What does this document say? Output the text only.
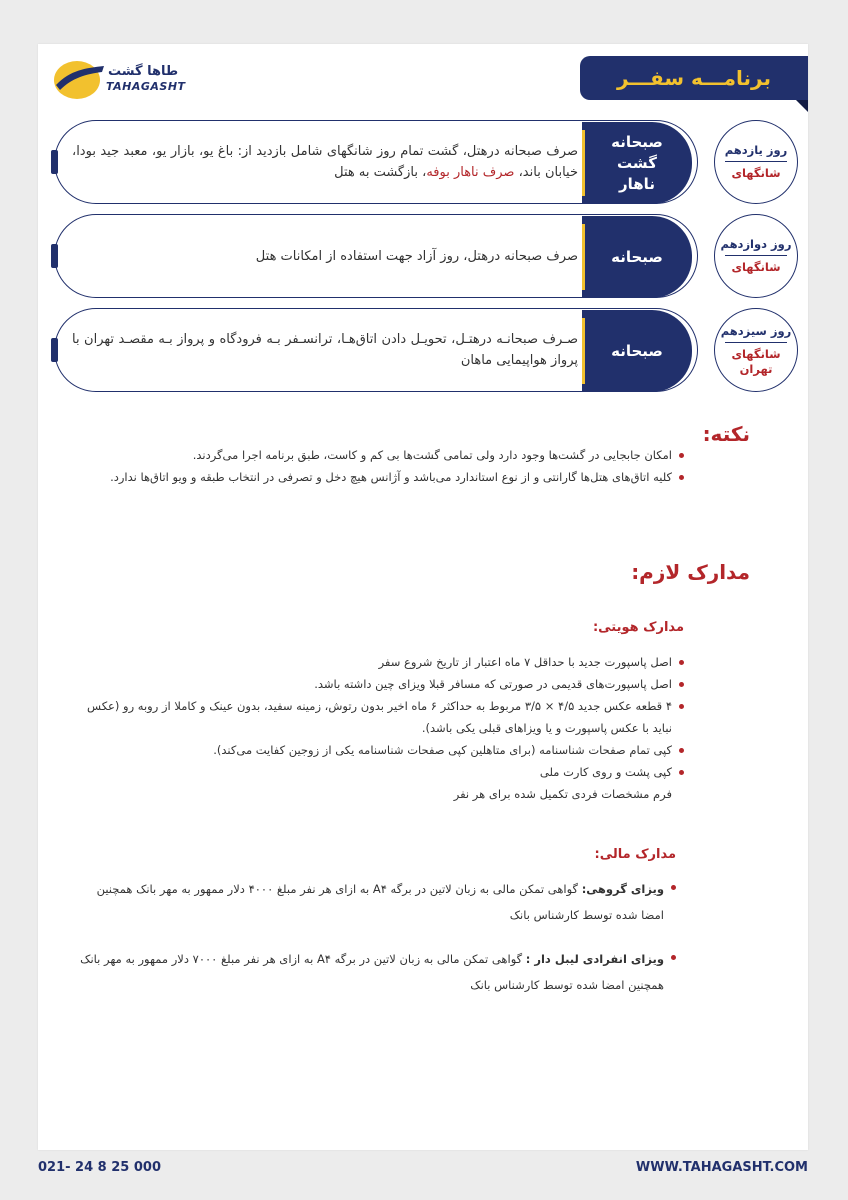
طاها گشت
TAHAGASHT	برنامـــه سفـــر
صرف صبحانه درهتل، گشت تمام روز شانگهای شامل بازدید از: باغ یو، بازار یو، معبد جید بودا، خیابان باند، صرف ناهار بوفه، بازگشت به هتل
صبحانه
گشت
ناهار
روز یازدهم
شانگهای
صرف صبحانه درهتل، روز آزاد جهت استفاده از امکانات هتل صبحانه
روز دوازدهم
شانگهای
صـرف صبحانـه درهتـل، تحویـل دادن اتاق‌هـا، ترانسـفر بـه فرودگاه و پرواز بـه مقصـد تهران با پرواز هواپیمایی ماهان
صبحانه
روز سیزدهم
شانگهای
تهران
نکته:
امکان جابجایی در گشت‌ها وجود دارد ولی تمامی گشت‌ها بی کم و کاست، طبق برنامه اجرا می‌گردند.
کلیه اتاق‌های هتل‌ها گارانتی و از نوع استاندارد می‌باشد و آژانس هیچ دخل و تصرفی در انتخاب طبقه و ویو اتاق‌ها ندارد.
مدارک لازم:
مدارک هویتی:
اصل پاسپورت جدید با حداقل ۷ ماه اعتبار از تاریخ شروع سفر
اصل پاسپورت‌های قدیمی در صورتی که مسافر قبلا ویزای چین داشته باشد.
۴ قطعه عکس جدید ۴/۵ × ۳/۵ مربوط به حداکثر ۶ ماه اخیر بدون رتوش، زمینه سفید، بدون عینک و کاملا از روبه رو (عکس نباید با عکس پاسپورت و یا ویزاهای قبلی یکی باشد).
کپی تمام صفحات شناسنامه (برای متاهلین کپی صفحات شناسنامه یکی از زوجین کفایت می‌کند).
کپی پشت و روی کارت ملی
فرم مشخصات فردی تکمیل شده برای هر نفر
مدارک مالی:
ویزای گروهی: گواهی تمکن مالی به زبان لاتین در برگه A۴ به ازای هر نفر مبلغ ۴۰۰۰ دلار ممهور به مهر بانک همچنین امضا شده توسط کارشناس بانک
ویزای انفرادی لیبل دار : گواهی تمکن مالی به زبان لاتین در برگه A۴ به ازای هر نفر مبلغ ۷۰۰۰ دلار ممهور به مهر بانک همچنین امضا شده توسط کارشناس بانک
021- 24 8 25 000	WWW.TAHAGASHT.COM
